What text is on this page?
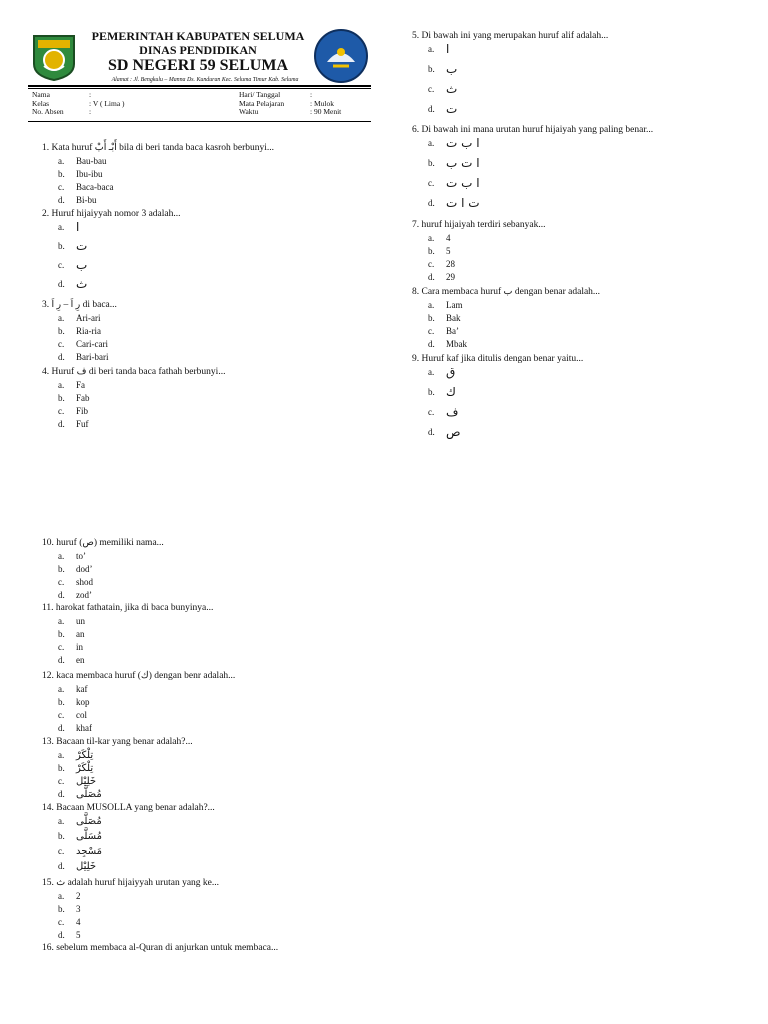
PEMERINTAH KABUPATEN SELUMA
DINAS PENDIDIKAN
SD NEGERI 59 SELUMA
Alamat : Jl. Bengkulu – Manna Ds. Kunduran Kec. Seluma Timur Kab. Seluma
Nama	:
Kelas	: V ( Lima )
No. Absen	:
Hari/ Tanggal	:
Mata Pelajaran	: Mulok
Waktu	: 90 Menit
1. Kata huruf أَبْـ أَبْ bila di beri tanda baca kasroh berbunyi...
a.	Bau-bau
b.	Ibu-ibu
c.	Baca-baca
d.	Bi-bu
2. Huruf hijaiyyah nomor 3 adalah...
a. ا
b. ت
c. ب
d. ث
3. رِ اَ – رِ اَ di baca...
a.	Ari-ari
b.	Ria-ria
c.	Cari-cari
d.	Bari-bari
4. Huruf ف di beri tanda baca fathah berbunyi...
a.	Fa
b.	Fab
c.	Fib
d.	Fuf
5. Di bawah ini yang merupakan huruf alif adalah...
a. ا
b. ب
c. ث
d. ت
6. Di bawah ini mana urutan huruf hijaiyah yang paling benar...
a. ا ب ت
b. ا ت ب
c. ا ب ت
d. ت ا ت
7. huruf hijaiyah terdiri sebanyak...
a.	4
b.	5
c.	28
d.	29
8. Cara membaca huruf ب dengan benar adalah...
a.	Lam
b.	Bak
c.	Ba’
d.	Mbak
9. Huruf kaf jika ditulis dengan benar yaitu...
a. ق
b. ك
c. ف
d. ص
10. huruf (ص) memiliki nama...
a.	to’
b.	dod’
c.	shod
d.	zod’
11. harokat fathatain, jika di baca bunyinya...
a.	un
b.	an
c.	in
d.	en
12. kaca membaca huruf (ك) dengan benr adalah...
a.	kaf
b.	kop
c.	col
d.	khaf
13. Bacaan til-kar yang benar adalah?...
a.	تِلْكَرْ
b.	تِلْكَرْ
c.	خَلِيْل
d.	مُصَلَّى
14. Bacaan MUSOLLA yang benar adalah?...
a.	مُصَلَّى
b.	مُسَلَّى
c.	مَسْجِد
d.	خَلِيْل
15. ث adalah huruf hijaiyyah urutan yang ke...
a.	2
b.	3
c.	4
d.	5
16. sebelum membaca al-Quran di anjurkan untuk membaca...
